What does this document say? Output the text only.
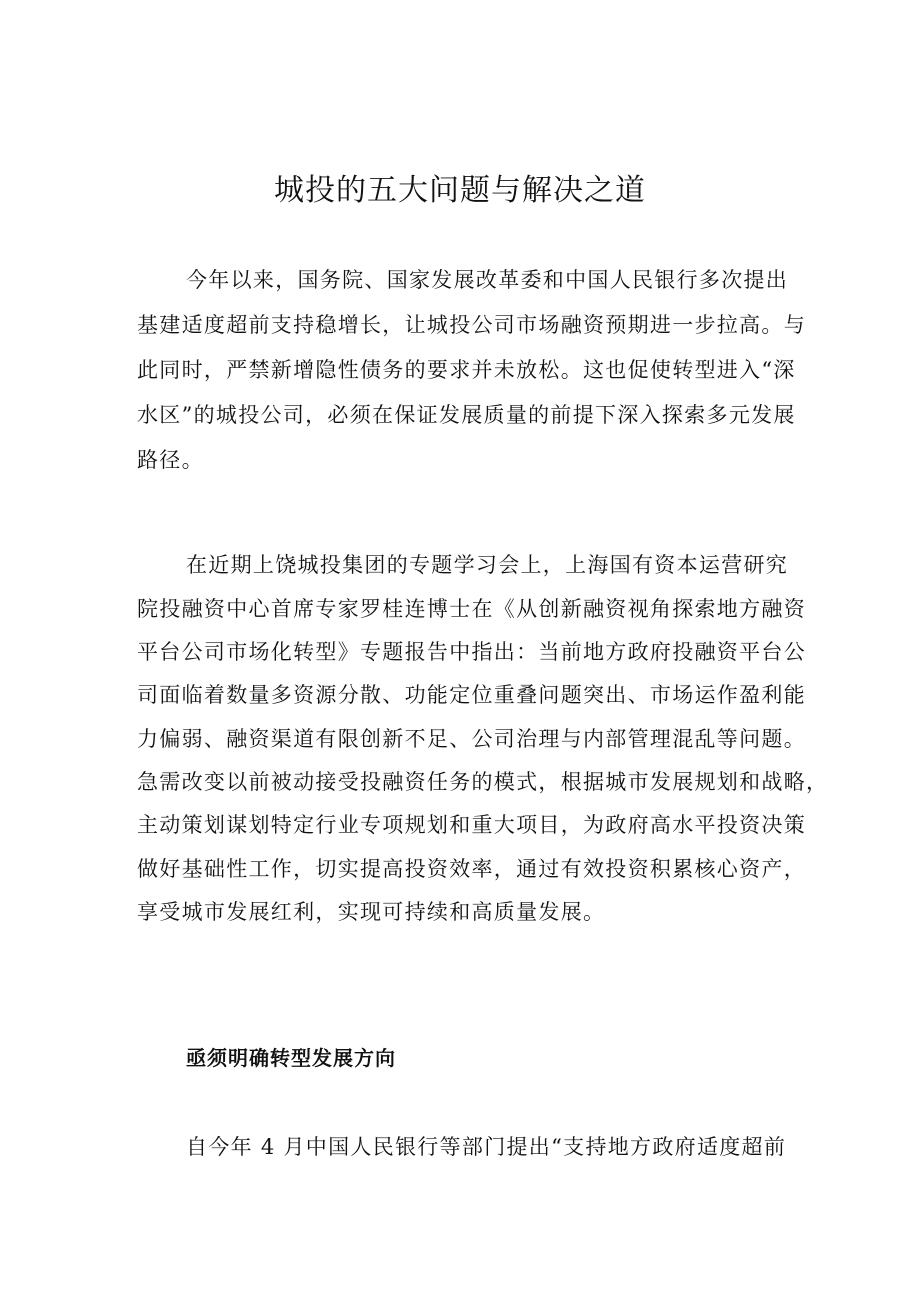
城投的五大问题与解决之道
今年以来，国务院、国家发展改革委和中国人民银行多次提出
基建适度超前支持稳增长，让城投公司市场融资预期进一步拉高。与
此同时，严禁新增隐性债务的要求并未放松。这也促使转型进入“深
水区”的城投公司，必须在保证发展质量的前提下深入探索多元发展
路径。
在近期上饶城投集团的专题学习会上，上海国有资本运营研究
院投融资中心首席专家罗桂连博士在《从创新融资视角探索地方融资
平台公司市场化转型》专题报告中指出：当前地方政府投融资平台公
司面临着数量多资源分散、功能定位重叠问题突出、市场运作盈利能
力偏弱、融资渠道有限创新不足、公司治理与内部管理混乱等问题。
急需改变以前被动接受投融资任务的模式，根据城市发展规划和战略，
主动策划谋划特定行业专项规划和重大项目，为政府高水平投资决策
做好基础性工作，切实提高投资效率，通过有效投资积累核心资产，
享受城市发展红利，实现可持续和高质量发展。
亟须明确转型发展方向
自今年 4 月中国人民银行等部门提出“支持地方政府适度超前
